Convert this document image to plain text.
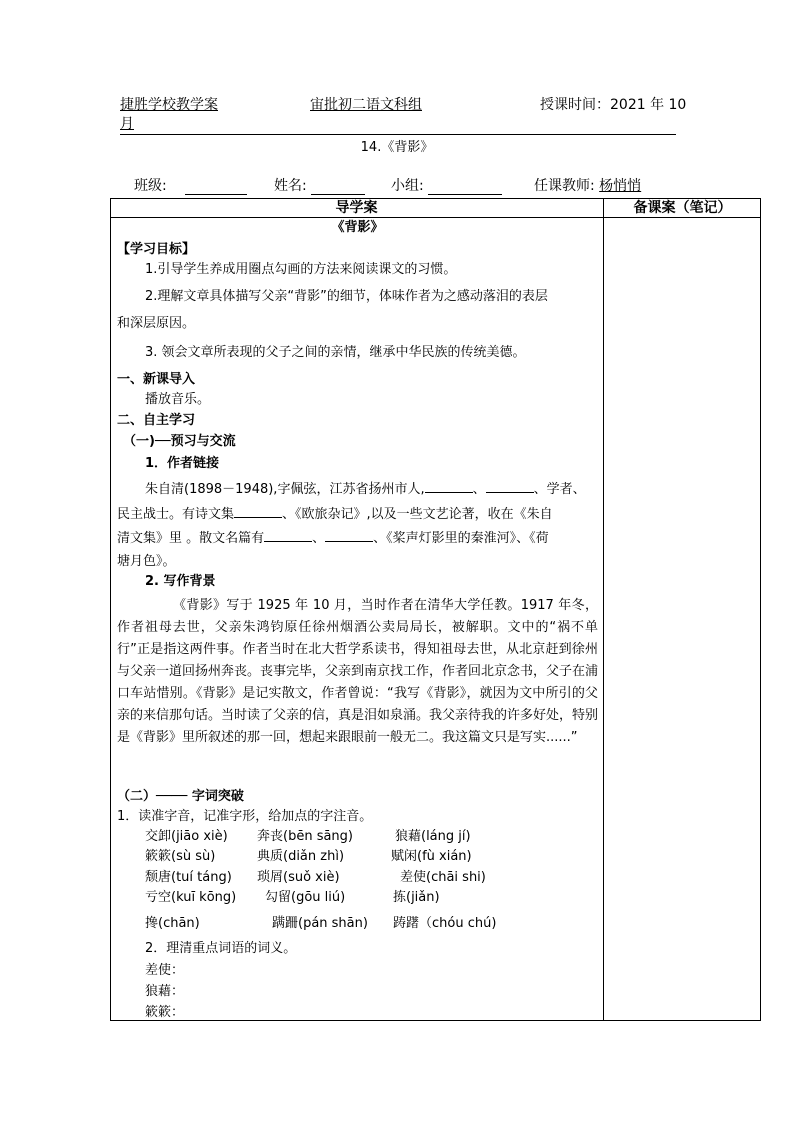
捷胜学校教学案	宙批初二语文科组	授课时间：2021 年 10
月
14.《背影》
班级:	姓名:	小组:	任课教师: 杨悄悄
导学案	备课案（笔记）
《背影》
【学习目标】
1.引导学生养成用圈点勾画的方法来阅读课文的习惯。
2.理解文章具体描写父亲“背影”的细节，体味作者为之感动落泪的表层
和深层原因。
3. 领会文章所表现的父子之间的亲情，继承中华民族的传统美德。
一、新课导入
播放音乐。
二、自主学习
（一)──预习与交流
1．作者链接
朱自清(1898－1948),字佩弦，江苏省扬州市人,	、	、学者、
民主战士。有诗文集	、《欧旅杂记》,以及一些文艺论著，收在《朱自
清文集》里 。散文名篇有	、	、《桨声灯影里的秦淮河》、《荷
塘月色》。
2. 写作背景
《背影》写于 1925 年 10 月，当时作者在清华大学任教。1917 年冬，作者祖母去世，父亲朱鸿钧原任徐州烟酒公卖局局长，被解职。文中的“祸不单行”正是指这两件事。作者当时在北大哲学系读书，得知祖母去世，从北京赶到徐州与父亲一道回扬州奔丧。丧事完毕，父亲到南京找工作，作者回北京念书，父子在浦口车站惜别。《背影》是记实散文，作者曾说：“我写《背影》，就因为文中所引的父亲的来信那句话。当时读了父亲的信，真是泪如泉涌。我父亲待我的许多好处，特别是《背影》里所叙述的那一回，想起来跟眼前一般无二。我这篇文只是写实......”
（二）──── 字词突破
1．读准字音，记准字形，给加点的字注音。
交卸(jiāo xiè) 奔丧(bēn sāng)	狼藉(láng jí)
簌簌(sù sù)	典质(diǎn zhì)	赋闲(fù xián)
颓唐(tuí táng) 琐屑(suǒ xiè)	差使(chāi shi)
亏空(kuī kōng) 勾留(gōu liú)	拣(jiǎn)
搀(chān)	蹒跚(pán shān) 踌躇（chóu chú)
2．理清重点词语的词义。
差使：
狼藉：
簌簌：
